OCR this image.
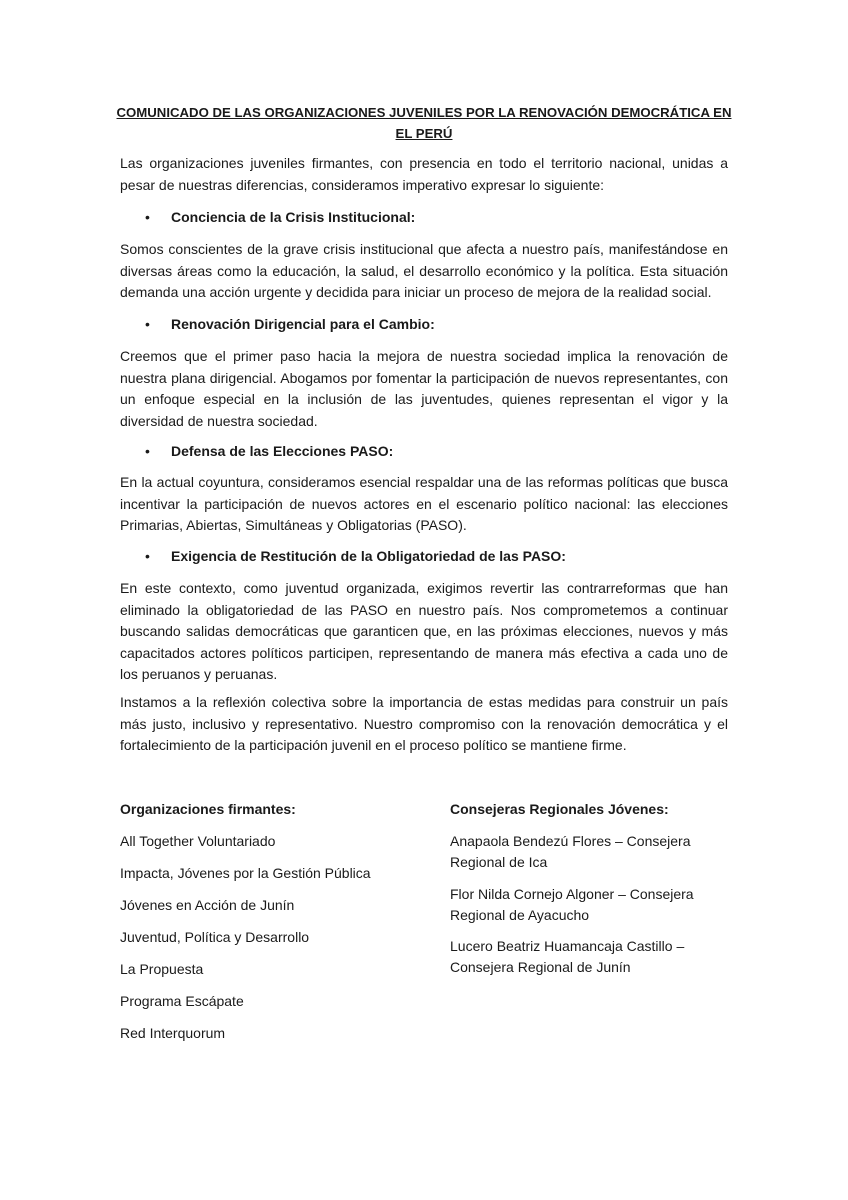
COMUNICADO DE LAS ORGANIZACIONES JUVENILES POR LA RENOVACIÓN DEMOCRÁTICA EN EL PERÚ
Las organizaciones juveniles firmantes, con presencia en todo el territorio nacional, unidas a pesar de nuestras diferencias, consideramos imperativo expresar lo siguiente:
• Conciencia de la Crisis Institucional:
Somos conscientes de la grave crisis institucional que afecta a nuestro país, manifestándose en diversas áreas como la educación, la salud, el desarrollo económico y la política. Esta situación demanda una acción urgente y decidida para iniciar un proceso de mejora de la realidad social.
• Renovación Dirigencial para el Cambio:
Creemos que el primer paso hacia la mejora de nuestra sociedad implica la renovación de nuestra plana dirigencial. Abogamos por fomentar la participación de nuevos representantes, con un enfoque especial en la inclusión de las juventudes, quienes representan el vigor y la diversidad de nuestra sociedad.
• Defensa de las Elecciones PASO:
En la actual coyuntura, consideramos esencial respaldar una de las reformas políticas que busca incentivar la participación de nuevos actores en el escenario político nacional: las elecciones Primarias, Abiertas, Simultáneas y Obligatorias (PASO).
• Exigencia de Restitución de la Obligatoriedad de las PASO:
En este contexto, como juventud organizada, exigimos revertir las contrarreformas que han eliminado la obligatoriedad de las PASO en nuestro país. Nos comprometemos a continuar buscando salidas democráticas que garanticen que, en las próximas elecciones, nuevos y más capacitados actores políticos participen, representando de manera más efectiva a cada uno de los peruanos y peruanas.
Instamos a la reflexión colectiva sobre la importancia de estas medidas para construir un país más justo, inclusivo y representativo. Nuestro compromiso con la renovación democrática y el fortalecimiento de la participación juvenil en el proceso político se mantiene firme.
Organizaciones firmantes:
All Together Voluntariado
Impacta, Jóvenes por la Gestión Pública
Jóvenes en Acción de Junín
Juventud, Política y Desarrollo
La Propuesta
Programa Escápate
Red Interquorum
Consejeras Regionales Jóvenes:
Anapaola Bendezú Flores – Consejera Regional de Ica
Flor Nilda Cornejo Algoner – Consejera Regional de Ayacucho
Lucero Beatriz Huamancaja Castillo – Consejera Regional de Junín
